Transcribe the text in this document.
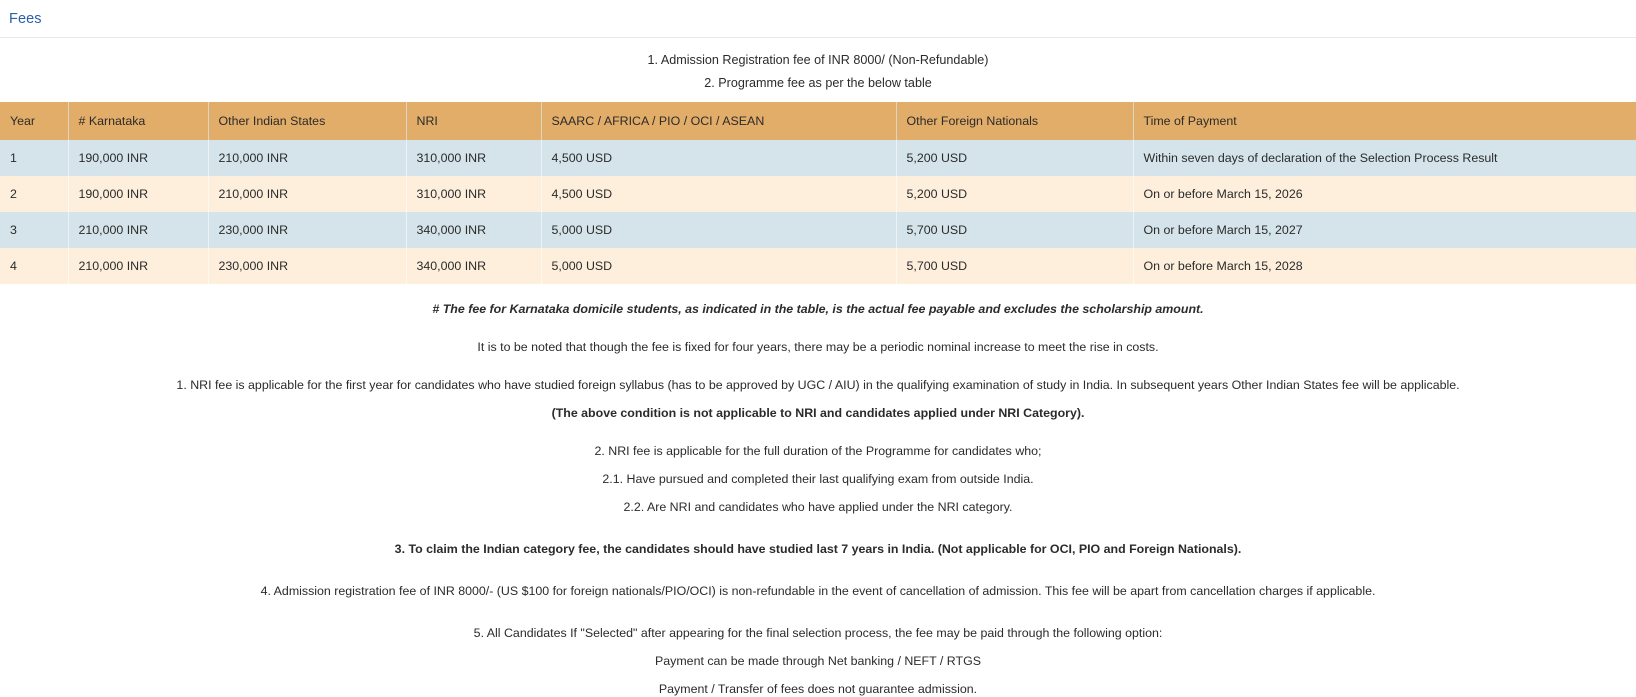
Fees

1. Admission Registration fee of INR 8000/ (Non-Refundable)

2. Programme fee as per the below table

Year	# Karnataka	Other Indian States	NRI	SAARC / AFRICA / PIO / OCI / ASEAN	Other Foreign Nationals	Time of Payment
1	190,000 INR	210,000 INR	310,000 INR	4,500 USD	5,200 USD	Within seven days of declaration of the Selection Process Result
2	190,000 INR	210,000 INR	310,000 INR	4,500 USD	5,200 USD	On or before March 15, 2026
3	210,000 INR	230,000 INR	340,000 INR	5,000 USD	5,700 USD	On or before March 15, 2027
4	210,000 INR	230,000 INR	340,000 INR	5,000 USD	5,700 USD	On or before March 15, 2028

# The fee for Karnataka domicile students, as indicated in the table, is the actual fee payable and excludes the scholarship amount.

It is to be noted that though the fee is fixed for four years, there may be a periodic nominal increase to meet the rise in costs.

1. NRI fee is applicable for the first year for candidates who have studied foreign syllabus (has to be approved by UGC / AIU) in the qualifying examination of study in India. In subsequent years Other Indian States fee will be applicable.

(The above condition is not applicable to NRI and candidates applied under NRI Category).

2. NRI fee is applicable for the full duration of the Programme for candidates who;

2.1. Have pursued and completed their last qualifying exam from outside India.

2.2. Are NRI and candidates who have applied under the NRI category.

3. To claim the Indian category fee, the candidates should have studied last 7 years in India. (Not applicable for OCI, PIO and Foreign Nationals).

4. Admission registration fee of INR 8000/- (US $100 for foreign nationals/PIO/OCI) is non-refundable in the event of cancellation of admission. This fee will be apart from cancellation charges if applicable.

5. All Candidates If "Selected" after appearing for the final selection process, the fee may be paid through the following option:

Payment can be made through Net banking / NEFT / RTGS

Payment / Transfer of fees does not guarantee admission.
